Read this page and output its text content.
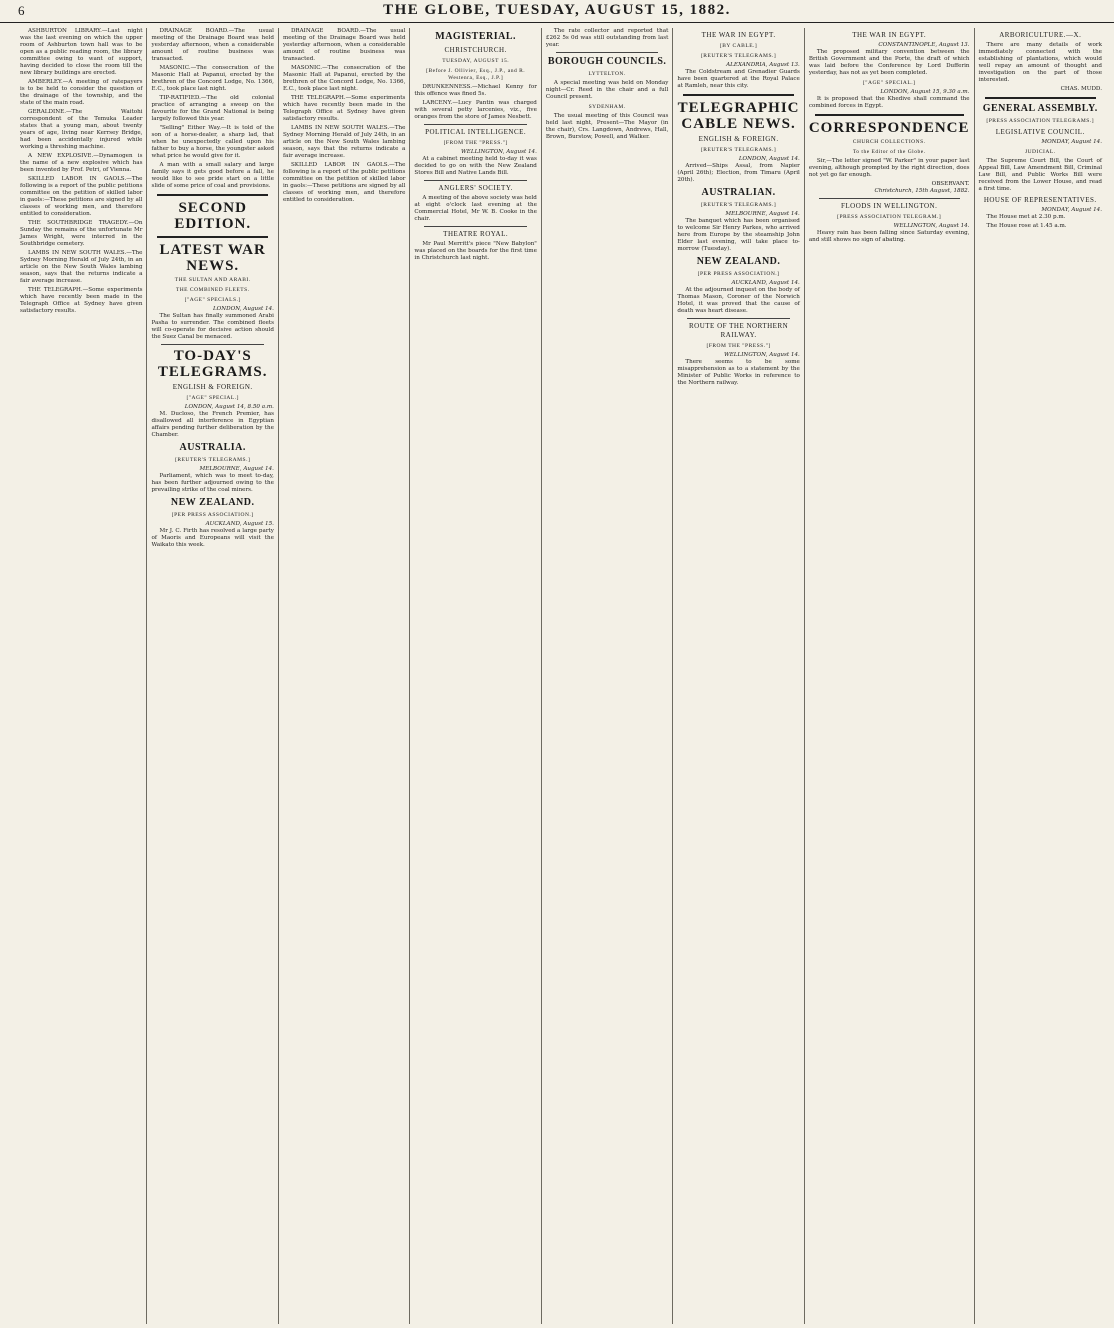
6	THE GLOBE, TUESDAY, AUGUST 15, 1882.

ASHBURTON LIBRARY.—Last night was the last evening on which the upper room of Ashburton town hall was to be open as a public reading room, the library committee owing to want of support, having decided to close the room till the new library buildings are erected.

AMBERLEY.—A meeting of ratepayers is to be held to consider the question of the drainage of the township, and the state of the main road.

GERALDINE.—The Waitohi correspondent of the Temuka Leader states that a young man, about twenty years of age, living near Kerrsey Bridge, had been accidentally injured while working a threshing machine.

A NEW EXPLOSIVE.—Dynamogen is the name of a new explosive which has been invented by Prof. Petri, of Vienna.

SKILLED LABOR IN GAOLS.—The following is a report of the public petitions committee on the petition of skilled labor in gaols:—These petitions are signed by all classes of working men, and therefore entitled to consideration.

THE SOUTHBRIDGE TRAGEDY.—On Sunday the remains of the unfortunate Mr James Wright, were interred in the Southbridge cemetery.

LAMBS IN NEW SOUTH WALES.—The Sydney Morning Herald of July 24th, in an article on the New South Wales lambing season, says that the returns indicate a fair average increase.

THE TELEGRAPH.—Some experiments which have recently been made in the Telegraph Office at Sydney have given satisfactory results.

DRAINAGE BOARD.—The usual meeting of the Drainage Board was held yesterday afternoon, when a considerable amount of routine business was transacted.

MASONIC.—The consecration of the Masonic Hall at Papanui, erected by the brethren of the Concord Lodge, No. 1366, E.C., took place last night.

TIP-RATIFIED.—The old colonial practice of arranging a sweep on the favourite for the Grand National is being largely followed this year.

"Selling" Either Way.—It is told of the son of a horse-dealer, a sharp lad, that when he unexpectedly called upon his father to buy a horse, the youngster asked what price he would give for it.

A man with a small salary and large family says it gets good before a fall, he would like to see pride start on a little slide of some price of coal and provisions.

SECOND EDITION.
LATEST WAR NEWS.
THE SULTAN AND ARABI.
THE COMBINED FLEETS.
["AGE" SPECIALS.]
LONDON, August 14.

The Sultan has finally summoned Arabi Pasha to surrender. The combined fleets will co-operate for decisive action should the Suez Canal be menaced.

TO-DAY'S TELEGRAMS.
ENGLISH & FOREIGN.
["AGE" SPECIAL.]
LONDON, August 14, 8.50 a.m.

M. Ducloso, the French Premier, has disallowed all interference in Egyptian affairs pending further deliberation by the Chamber.

AUSTRALIA.
[REUTER'S TELEGRAMS.]
MELBOURNE, August 14.

Parliament, which was to meet to-day, has been further adjourned owing to the prevailing strike of the coal miners.

NEW ZEALAND.
[PER PRESS ASSOCIATION.]
AUCKLAND, August 15.

Mr J. C. Firth has resolved a large party of Maoris and Europeans will visit the Waikato this week.

DRAINAGE BOARD.—The usual meeting of the Drainage Board was held yesterday afternoon, when a considerable amount of routine business was transacted.

MASONIC.—The consecration of the Masonic Hall at Papanui, erected by the brethren of the Concord Lodge, No. 1366, E.C., took place last night.

THE TELEGRAPH.—Some experiments which have recently been made in the Telegraph Office at Sydney have given satisfactory results.

LAMBS IN NEW SOUTH WALES.—The Sydney Morning Herald of July 24th, in an article on the New South Wales lambing season, says that the returns indicate a fair average increase.

SKILLED LABOR IN GAOLS.—The following is a report of the public petitions committee on the petition of skilled labor in gaols:—These petitions are signed by all classes of working men, and therefore entitled to consideration.

MAGISTERIAL.
CHRISTCHURCH.
TUESDAY, AUGUST 15.
[Before J. Ollivier, Esq., J.P., and R. Westenra, Esq., J.P.]

DRUNKENNESS.—Michael Kenny for this offence was fined 5s.

LARCENY.—Lucy Pantin was charged with several petty larcenies, viz., five oranges from the store of James Nesbett.

POLITICAL INTELLIGENCE.
[FROM THE "PRESS."]
WELLINGTON, August 14.

At a cabinet meeting held to-day it was decided to go on with the New Zealand Stores Bill and Native Lands Bill.

ANGLERS' SOCIETY.

A meeting of the above society was held at eight o'clock last evening at the Commercial Hotel, Mr W. B. Cooke in the chair.

THEATRE ROYAL.

Mr Paul Merritt's piece "New Babylon" was placed on the boards for the first time in Christchurch last night.

The rate collector and reported that £262 5s 0d was still outstanding from last year.

BOROUGH COUNCILS.
LYTTELTON.

A special meeting was held on Monday night—Cr. Reed in the chair and a full Council present.

SYDENHAM.

The usual meeting of this Council was held last night, Present—The Mayor (in the chair), Crs. Langdown, Andrews, Hall, Brown, Burstow, Powell, and Walker.

THE WAR IN EGYPT.
[BY CABLE.]
[REUTER'S TELEGRAMS.]
ALEXANDRIA, August 13.

The Coldstream and Grenadier Guards have been quartered at the Royal Palace at Ramleh, near this city.

TELEGRAPHIC CABLE NEWS.
ENGLISH & FOREIGN.
[REUTER'S TELEGRAMS.]
LONDON, August 14.

Arrived—Ships Assal, from Napier (April 26th); Election, from Timaru (April 20th).

AUSTRALIAN.
[REUTER'S TELEGRAMS.]
MELBOURNE, August 14.

The banquet which has been organised to welcome Sir Henry Parkes, who arrived here from Europe by the steamship John Elder last evening, will take place to-morrow (Tuesday).

NEW ZEALAND.
[PER PRESS ASSOCIATION.]
AUCKLAND, August 14.

At the adjourned inquest on the body of Thomas Mason, Coroner of the Norwich Hotel, it was proved that the cause of death was heart disease.

ROUTE OF THE NORTHERN RAILWAY.
[FROM THE "PRESS."]
WELLINGTON, August 14.

There seems to be some misapprehension as to a statement by the Minister of Public Works in reference to the Northern railway.

THE WAR IN EGYPT.
CONSTANTINOPLE, August 13.

The proposed military convention between the British Government and the Porte, the draft of which was laid before the Conference by Lord Dufferin yesterday, has not as yet been completed.

["AGE" SPECIAL.]
LONDON, August 15, 9.30 a.m.

It is proposed that the Khedive shall command the combined forces in Egypt.

CORRESPONDENCE
CHURCH COLLECTIONS.
To the Editor of the Globe.

Sir,—The letter signed "W. Parker" in your paper last evening, although prompted by the right direction, does not yet go far enough.

OBSERVANT.
Christchurch, 15th August, 1882.
FLOODS IN WELLINGTON.
[PRESS ASSOCIATION TELEGRAM.]
WELLINGTON, August 14.

Heavy rain has been falling since Saturday evening, and still shows no sign of abating.

ARBORICULTURE.—X.

There are many details of work immediately connected with the establishing of plantations, which would well repay an amount of thought and investigation on the part of those interested.

CHAS. MUDD.
GENERAL ASSEMBLY.
[PRESS ASSOCIATION TELEGRAMS.]
LEGISLATIVE COUNCIL.
MONDAY, August 14.
JUDICIAL.

The Supreme Court Bill, the Court of Appeal Bill, Law Amendment Bill, Criminal Law Bill, and Public Works Bill were received from the Lower House, and read a first time.

HOUSE OF REPRESENTATIVES.
MONDAY, August 14.

The House met at 2.30 p.m.

The House rose at 1.45 a.m.
